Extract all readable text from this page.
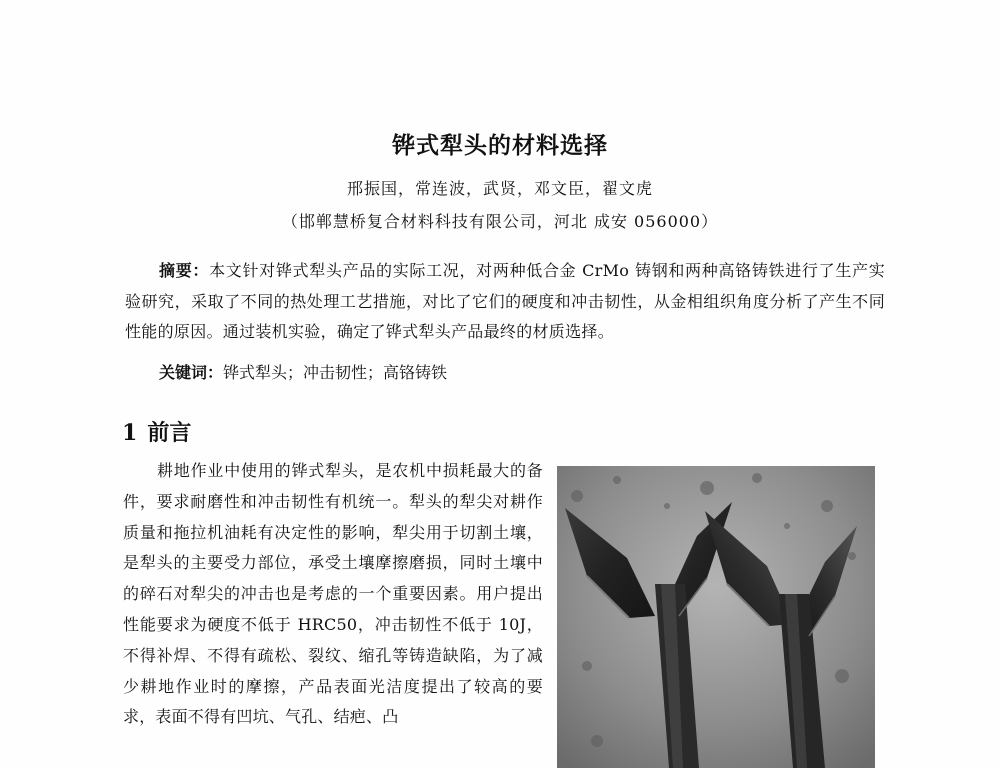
铧式犁头的材料选择
邢振国，常连波，武贤，邓文臣，翟文虎
（邯郸慧桥复合材料科技有限公司，河北 成安 056000）
摘要：本文针对铧式犁头产品的实际工况，对两种低合金 CrMo 铸钢和两种高铬铸铁进行了生产实验研究，采取了不同的热处理工艺措施，对比了它们的硬度和冲击韧性，从金相组织角度分析了产生不同性能的原因。通过装机实验，确定了铧式犁头产品最终的材质选择。
关键词：铧式犁头；冲击韧性；高铬铸铁
1 前言
耕地作业中使用的铧式犁头，是农机中损耗最大的备件，要求耐磨性和冲击韧性有机统一。犁头的犁尖对耕作质量和拖拉机油耗有决定性的影响，犁尖用于切割土壤，是犁头的主要受力部位，承受土壤摩擦磨损，同时土壤中的碎石对犁尖的冲击也是考虑的一个重要因素。用户提出性能要求为硬度不低于 HRC50，冲击韧性不低于 10J，不得补焊、不得有疏松、裂纹、缩孔等铸造缺陷，为了减少耕地作业时的摩擦，产品表面光洁度提出了较高的要求，表面不得有凹坑、气孔、结疤、凸
